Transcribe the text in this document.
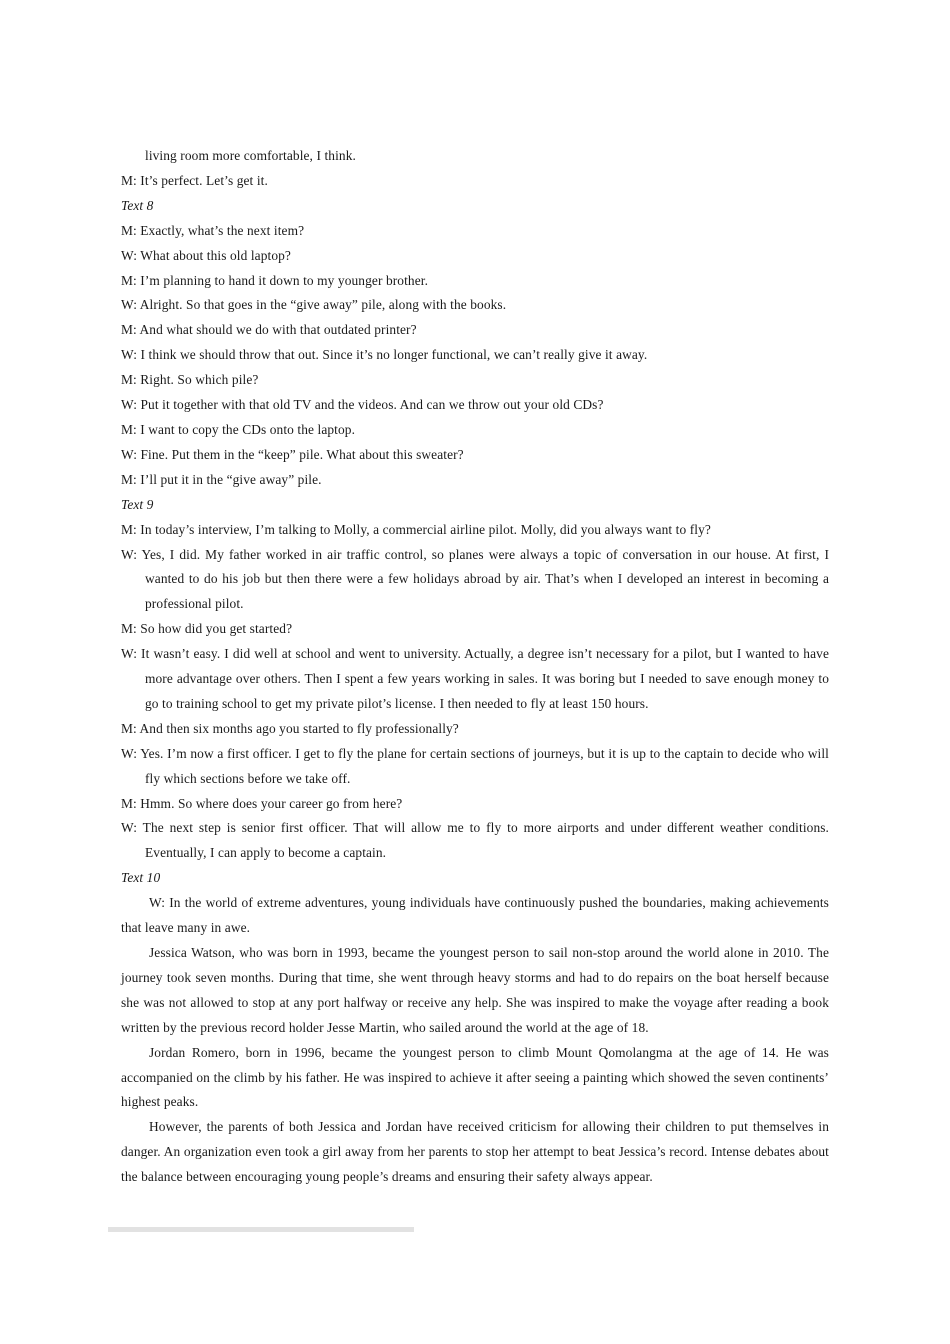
living room more comfortable, I think.

M: It’s perfect. Let’s get it.

Text 8

M: Exactly, what’s the next item?

W: What about this old laptop?

M: I’m planning to hand it down to my younger brother.

W: Alright. So that goes in the “give away” pile, along with the books.

M: And what should we do with that outdated printer?

W: I think we should throw that out. Since it’s no longer functional, we can’t really give it away.

M: Right. So which pile?

W: Put it together with that old TV and the videos. And can we throw out your old CDs?

M: I want to copy the CDs onto the laptop.

W: Fine. Put them in the “keep” pile. What about this sweater?

M: I’ll put it in the “give away” pile.

Text 9

M: In today’s interview, I’m talking to Molly, a commercial airline pilot. Molly, did you always want to fly?

W: Yes, I did. My father worked in air traffic control, so planes were always a topic of conversation in our house. At first, I wanted to do his job but then there were a few holidays abroad by air. That’s when I developed an interest in becoming a professional pilot.

M: So how did you get started?

W: It wasn’t easy. I did well at school and went to university. Actually, a degree isn’t necessary for a pilot, but I wanted to have more advantage over others. Then I spent a few years working in sales. It was boring but I needed to save enough money to go to training school to get my private pilot’s license. I then needed to fly at least 150 hours.

M: And then six months ago you started to fly professionally?

W: Yes. I’m now a first officer. I get to fly the plane for certain sections of journeys, but it is up to the captain to decide who will fly which sections before we take off.

M: Hmm. So where does your career go from here?

W: The next step is senior first officer. That will allow me to fly to more airports and under different weather conditions. Eventually, I can apply to become a captain.

Text 10

W: In the world of extreme adventures, young individuals have continuously pushed the boundaries, making achievements that leave many in awe.

Jessica Watson, who was born in 1993, became the youngest person to sail non-stop around the world alone in 2010. The journey took seven months. During that time, she went through heavy storms and had to do repairs on the boat herself because she was not allowed to stop at any port halfway or receive any help. She was inspired to make the voyage after reading a book written by the previous record holder Jesse Martin, who sailed around the world at the age of 18.

Jordan Romero, born in 1996, became the youngest person to climb Mount Qomolangma at the age of 14. He was accompanied on the climb by his father. He was inspired to achieve it after seeing a painting which showed the seven continents’ highest peaks.

However, the parents of both Jessica and Jordan have received criticism for allowing their children to put themselves in danger. An organization even took a girl away from her parents to stop her attempt to beat Jessica’s record. Intense debates about the balance between encouraging young people’s dreams and ensuring their safety always appear.
